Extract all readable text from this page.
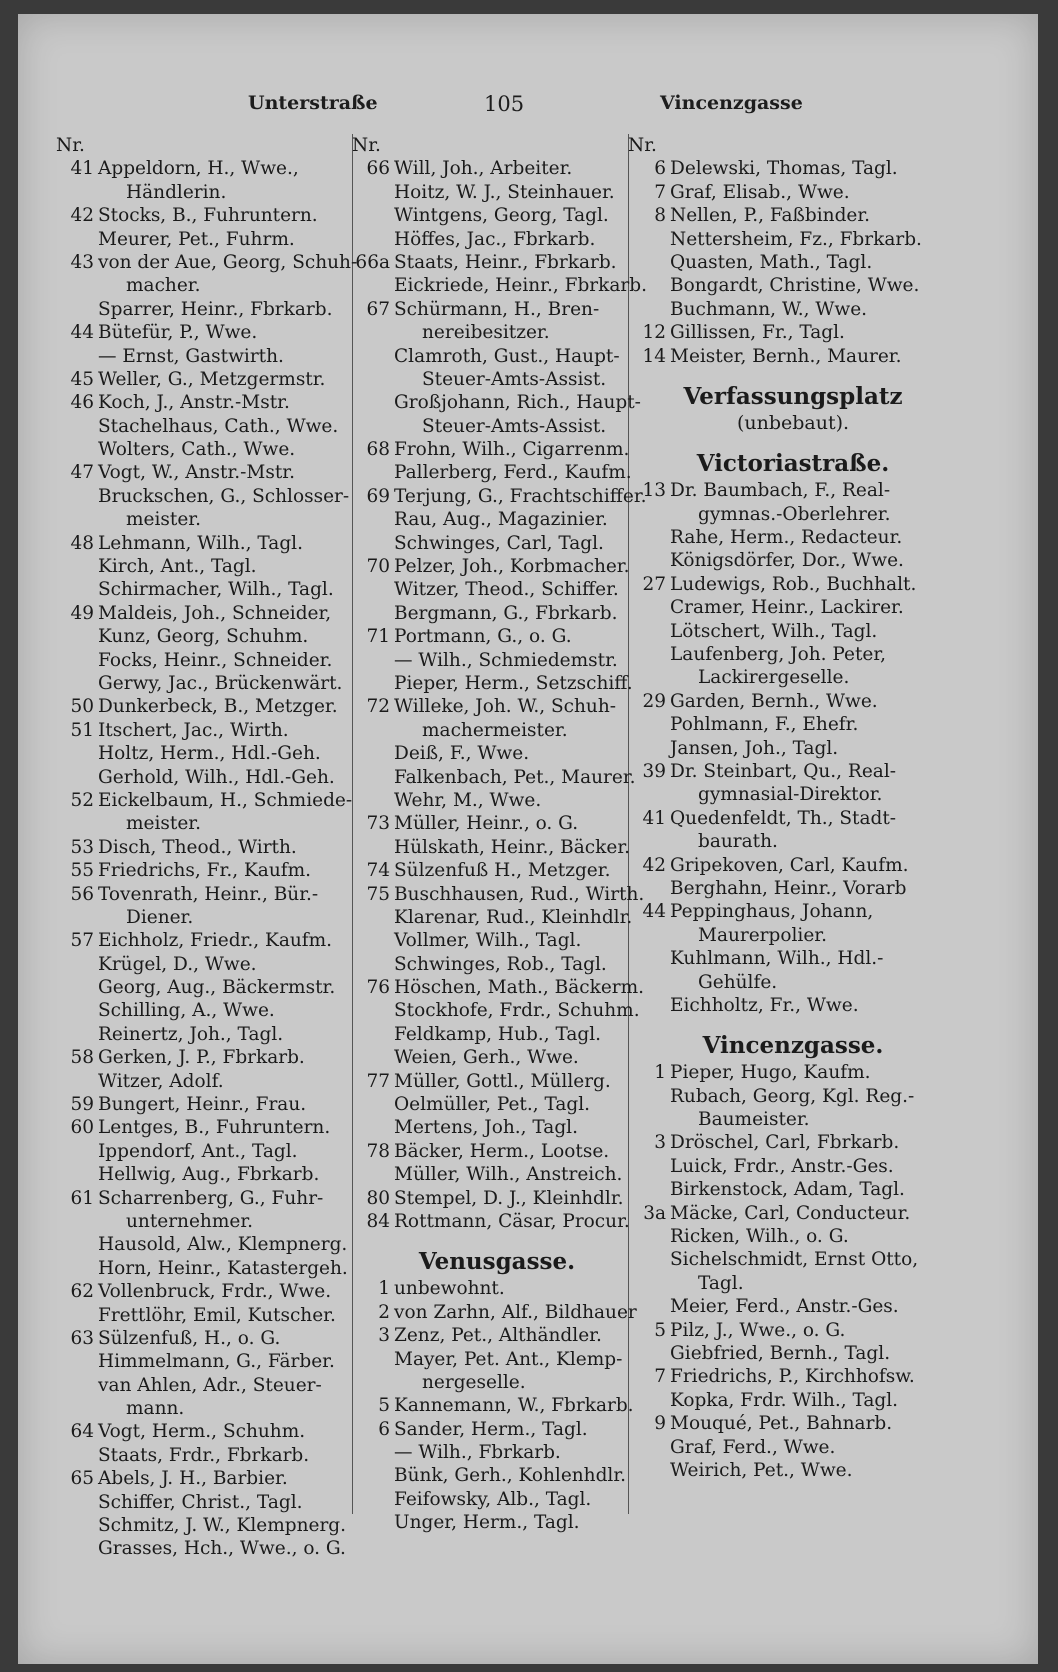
Unterstraße	105	Vincenzgasse
Nr.
41 Appeldorn, H., Wwe.,
Händlerin.
42 Stocks, B., Fuhruntern.
Meurer, Pet., Fuhrm.
43 von der Aue, Georg, Schuh-
macher.
Sparrer, Heinr., Fbrkarb.
44 Bütefür, P., Wwe.
— Ernst, Gastwirth.
45 Weller, G., Metzgermstr.
46 Koch, J., Anstr.-Mstr.
Stachelhaus, Cath., Wwe.
Wolters, Cath., Wwe.
47 Vogt, W., Anstr.-Mstr.
Bruckschen, G., Schlosser-
meister.
48 Lehmann, Wilh., Tagl.
Kirch, Ant., Tagl.
Schirmacher, Wilh., Tagl.
49 Maldeis, Joh., Schneider,
Kunz, Georg, Schuhm.
Focks, Heinr., Schneider.
Gerwy, Jac., Brückenwärt.
50 Dunkerbeck, B., Metzger.
51 Itschert, Jac., Wirth.
Holtz, Herm., Hdl.-Geh.
Gerhold, Wilh., Hdl.-Geh.
52 Eickelbaum, H., Schmiede-
meister.
53 Disch, Theod., Wirth.
55 Friedrichs, Fr., Kaufm.
56 Tovenrath, Heinr., Bür.-
Diener.
57 Eichholz, Friedr., Kaufm.
Krügel, D., Wwe.
Georg, Aug., Bäckermstr.
Schilling, A., Wwe.
Reinertz, Joh., Tagl.
58 Gerken, J. P., Fbrkarb.
Witzer, Adolf.
59 Bungert, Heinr., Frau.
60 Lentges, B., Fuhruntern.
Ippendorf, Ant., Tagl.
Hellwig, Aug., Fbrkarb.
61 Scharrenberg, G., Fuhr-
unternehmer.
Hausold, Alw., Klempnerg.
Horn, Heinr., Katastergeh.
62 Vollenbruck, Frdr., Wwe.
Frettlöhr, Emil, Kutscher.
63 Sülzenfuß, H., o. G.
Himmelmann, G., Färber.
van Ahlen, Adr., Steuer-
mann.
64 Vogt, Herm., Schuhm.
Staats, Frdr., Fbrkarb.
65 Abels, J. H., Barbier.
Schiffer, Christ., Tagl.
Schmitz, J. W., Klempnerg.
Grasses, Hch., Wwe., o. G.
Nr.
66 Will, Joh., Arbeiter.
Hoitz, W. J., Steinhauer.
Wintgens, Georg, Tagl.
Höffes, Jac., Fbrkarb.
66a Staats, Heinr., Fbrkarb.
Eickriede, Heinr., Fbrkarb.
67 Schürmann, H., Bren-
nereibesitzer.
Clamroth, Gust., Haupt-
Steuer-Amts-Assist.
Großjohann, Rich., Haupt-
Steuer-Amts-Assist.
68 Frohn, Wilh., Cigarrenm.
Pallerberg, Ferd., Kaufm.
69 Terjung, G., Frachtschiffer.
Rau, Aug., Magazinier.
Schwinges, Carl, Tagl.
70 Pelzer, Joh., Korbmacher.
Witzer, Theod., Schiffer.
Bergmann, G., Fbrkarb.
71 Portmann, G., o. G.
— Wilh., Schmiedemstr.
Pieper, Herm., Setzschiff.
72 Willeke, Joh. W., Schuh-
machermeister.
Deiß, F., Wwe.
Falkenbach, Pet., Maurer.
Wehr, M., Wwe.
73 Müller, Heinr., o. G.
Hülskath, Heinr., Bäcker.
74 Sülzenfuß H., Metzger.
75 Buschhausen, Rud., Wirth.
Klarenar, Rud., Kleinhdlr.
Vollmer, Wilh., Tagl.
Schwinges, Rob., Tagl.
76 Höschen, Math., Bäckerm.
Stockhofe, Frdr., Schuhm.
Feldkamp, Hub., Tagl.
Weien, Gerh., Wwe.
77 Müller, Gottl., Müllerg.
Oelmüller, Pet., Tagl.
Mertens, Joh., Tagl.
78 Bäcker, Herm., Lootse.
Müller, Wilh., Anstreich.
80 Stempel, D. J., Kleinhdlr.
84 Rottmann, Cäsar, Procur.
Venusgasse.
1 unbewohnt.
2 von Zarhn, Alf., Bildhauer
3 Zenz, Pet., Althändler.
Mayer, Pet. Ant., Klemp-
nergeselle.
5 Kannemann, W., Fbrkarb.
6 Sander, Herm., Tagl.
— Wilh., Fbrkarb.
Bünk, Gerh., Kohlenhdlr.
Feifowsky, Alb., Tagl.
Unger, Herm., Tagl.
Nr.
6 Delewski, Thomas, Tagl.
7 Graf, Elisab., Wwe.
8 Nellen, P., Faßbinder.
Nettersheim, Fz., Fbrkarb.
Quasten, Math., Tagl.
Bongardt, Christine, Wwe.
Buchmann, W., Wwe.
12 Gillissen, Fr., Tagl.
14 Meister, Bernh., Maurer.
Verfassungsplatz
(unbebaut).
Victoriastraße.
13 Dr. Baumbach, F., Real-
gymnas.-Oberlehrer.
Rahe, Herm., Redacteur.
Königsdörfer, Dor., Wwe.
27 Ludewigs, Rob., Buchhalt.
Cramer, Heinr., Lackirer.
Lötschert, Wilh., Tagl.
Laufenberg, Joh. Peter,
Lackirergeselle.
29 Garden, Bernh., Wwe.
Pohlmann, F., Ehefr.
Jansen, Joh., Tagl.
39 Dr. Steinbart, Qu., Real-
gymnasial-Direktor.
41 Quedenfeldt, Th., Stadt-
baurath.
42 Gripekoven, Carl, Kaufm.
Berghahn, Heinr., Vorarb
44 Peppinghaus, Johann,
Maurerpolier.
Kuhlmann, Wilh., Hdl.-
Gehülfe.
Eichholtz, Fr., Wwe.
Vincenzgasse.
1 Pieper, Hugo, Kaufm.
Rubach, Georg, Kgl. Reg.-
Baumeister.
3 Dröschel, Carl, Fbrkarb.
Luick, Frdr., Anstr.-Ges.
Birkenstock, Adam, Tagl.
3a Mäcke, Carl, Conducteur.
Ricken, Wilh., o. G.
Sichelschmidt, Ernst Otto,
Tagl.
Meier, Ferd., Anstr.-Ges.
5 Pilz, J., Wwe., o. G.
Giebfried, Bernh., Tagl.
7 Friedrichs, P., Kirchhofsw.
Kopka, Frdr. Wilh., Tagl.
9 Mouqué, Pet., Bahnarb.
Graf, Ferd., Wwe.
Weirich, Pet., Wwe.
